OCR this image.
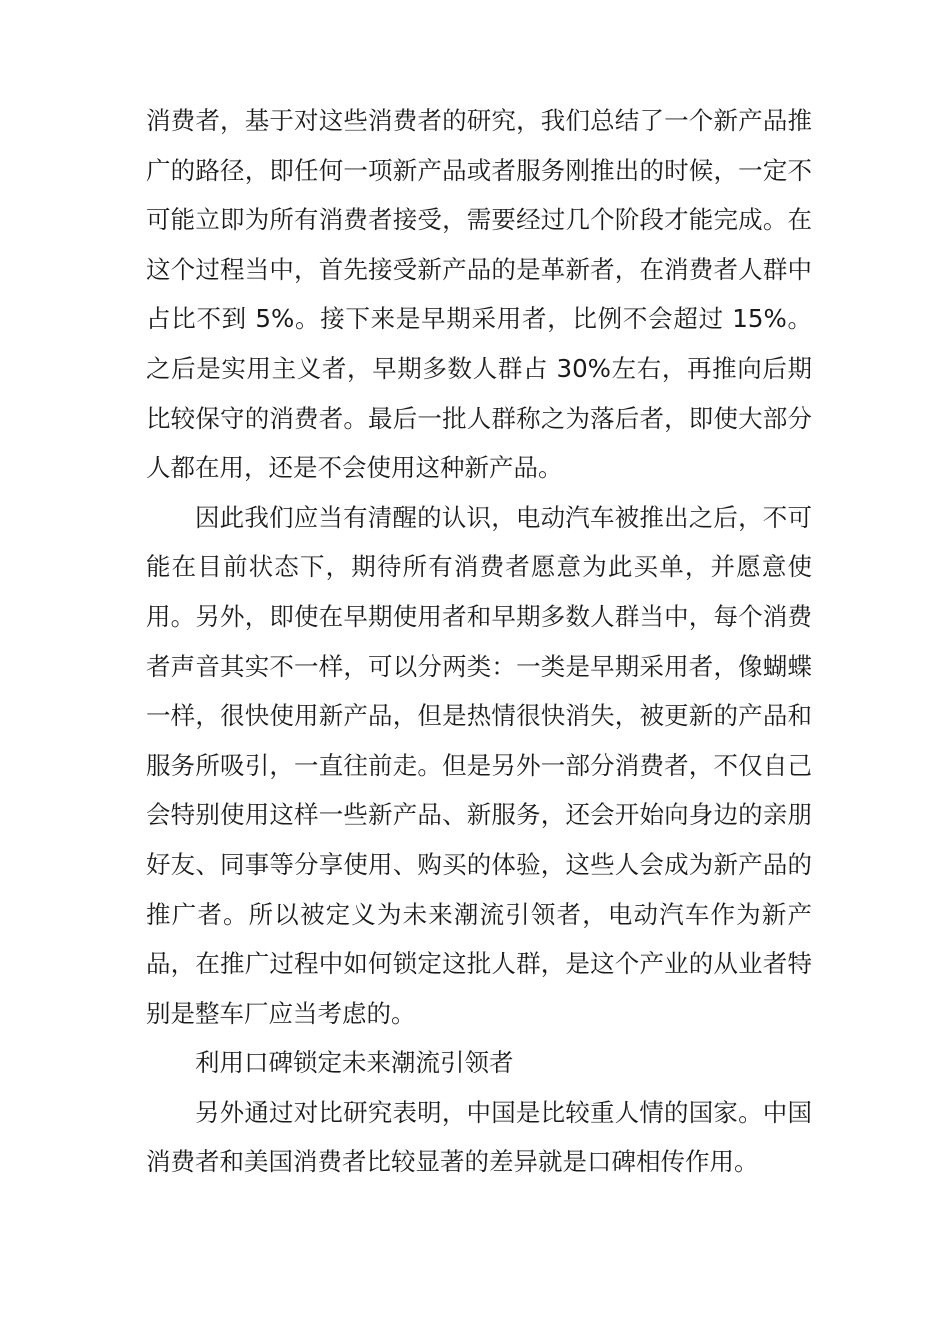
消费者，基于对这些消费者的研究，我们总结了一个新产品推广的路径，即任何一项新产品或者服务刚推出的时候，一定不可能立即为所有消费者接受，需要经过几个阶段才能完成。在这个过程当中，首先接受新产品的是革新者，在消费者人群中占比不到 5%。接下来是早期采用者，比例不会超过 15%。之后是实用主义者，早期多数人群占 30%左右，再推向后期比较保守的消费者。最后一批人群称之为落后者，即使大部分人都在用，还是不会使用这种新产品。

因此我们应当有清醒的认识，电动汽车被推出之后，不可能在目前状态下，期待所有消费者愿意为此买单，并愿意使用。另外，即使在早期使用者和早期多数人群当中，每个消费者声音其实不一样，可以分两类：一类是早期采用者，像蝴蝶一样，很快使用新产品，但是热情很快消失，被更新的产品和服务所吸引，一直往前走。但是另外一部分消费者，不仅自己会特别使用这样一些新产品、新服务，还会开始向身边的亲朋好友、同事等分享使用、购买的体验，这些人会成为新产品的推广者。所以被定义为未来潮流引领者，电动汽车作为新产品，在推广过程中如何锁定这批人群，是这个产业的从业者特别是整车厂应当考虑的。

利用口碑锁定未来潮流引领者

另外通过对比研究表明，中国是比较重人情的国家。中国消费者和美国消费者比较显著的差异就是口碑相传作用。
